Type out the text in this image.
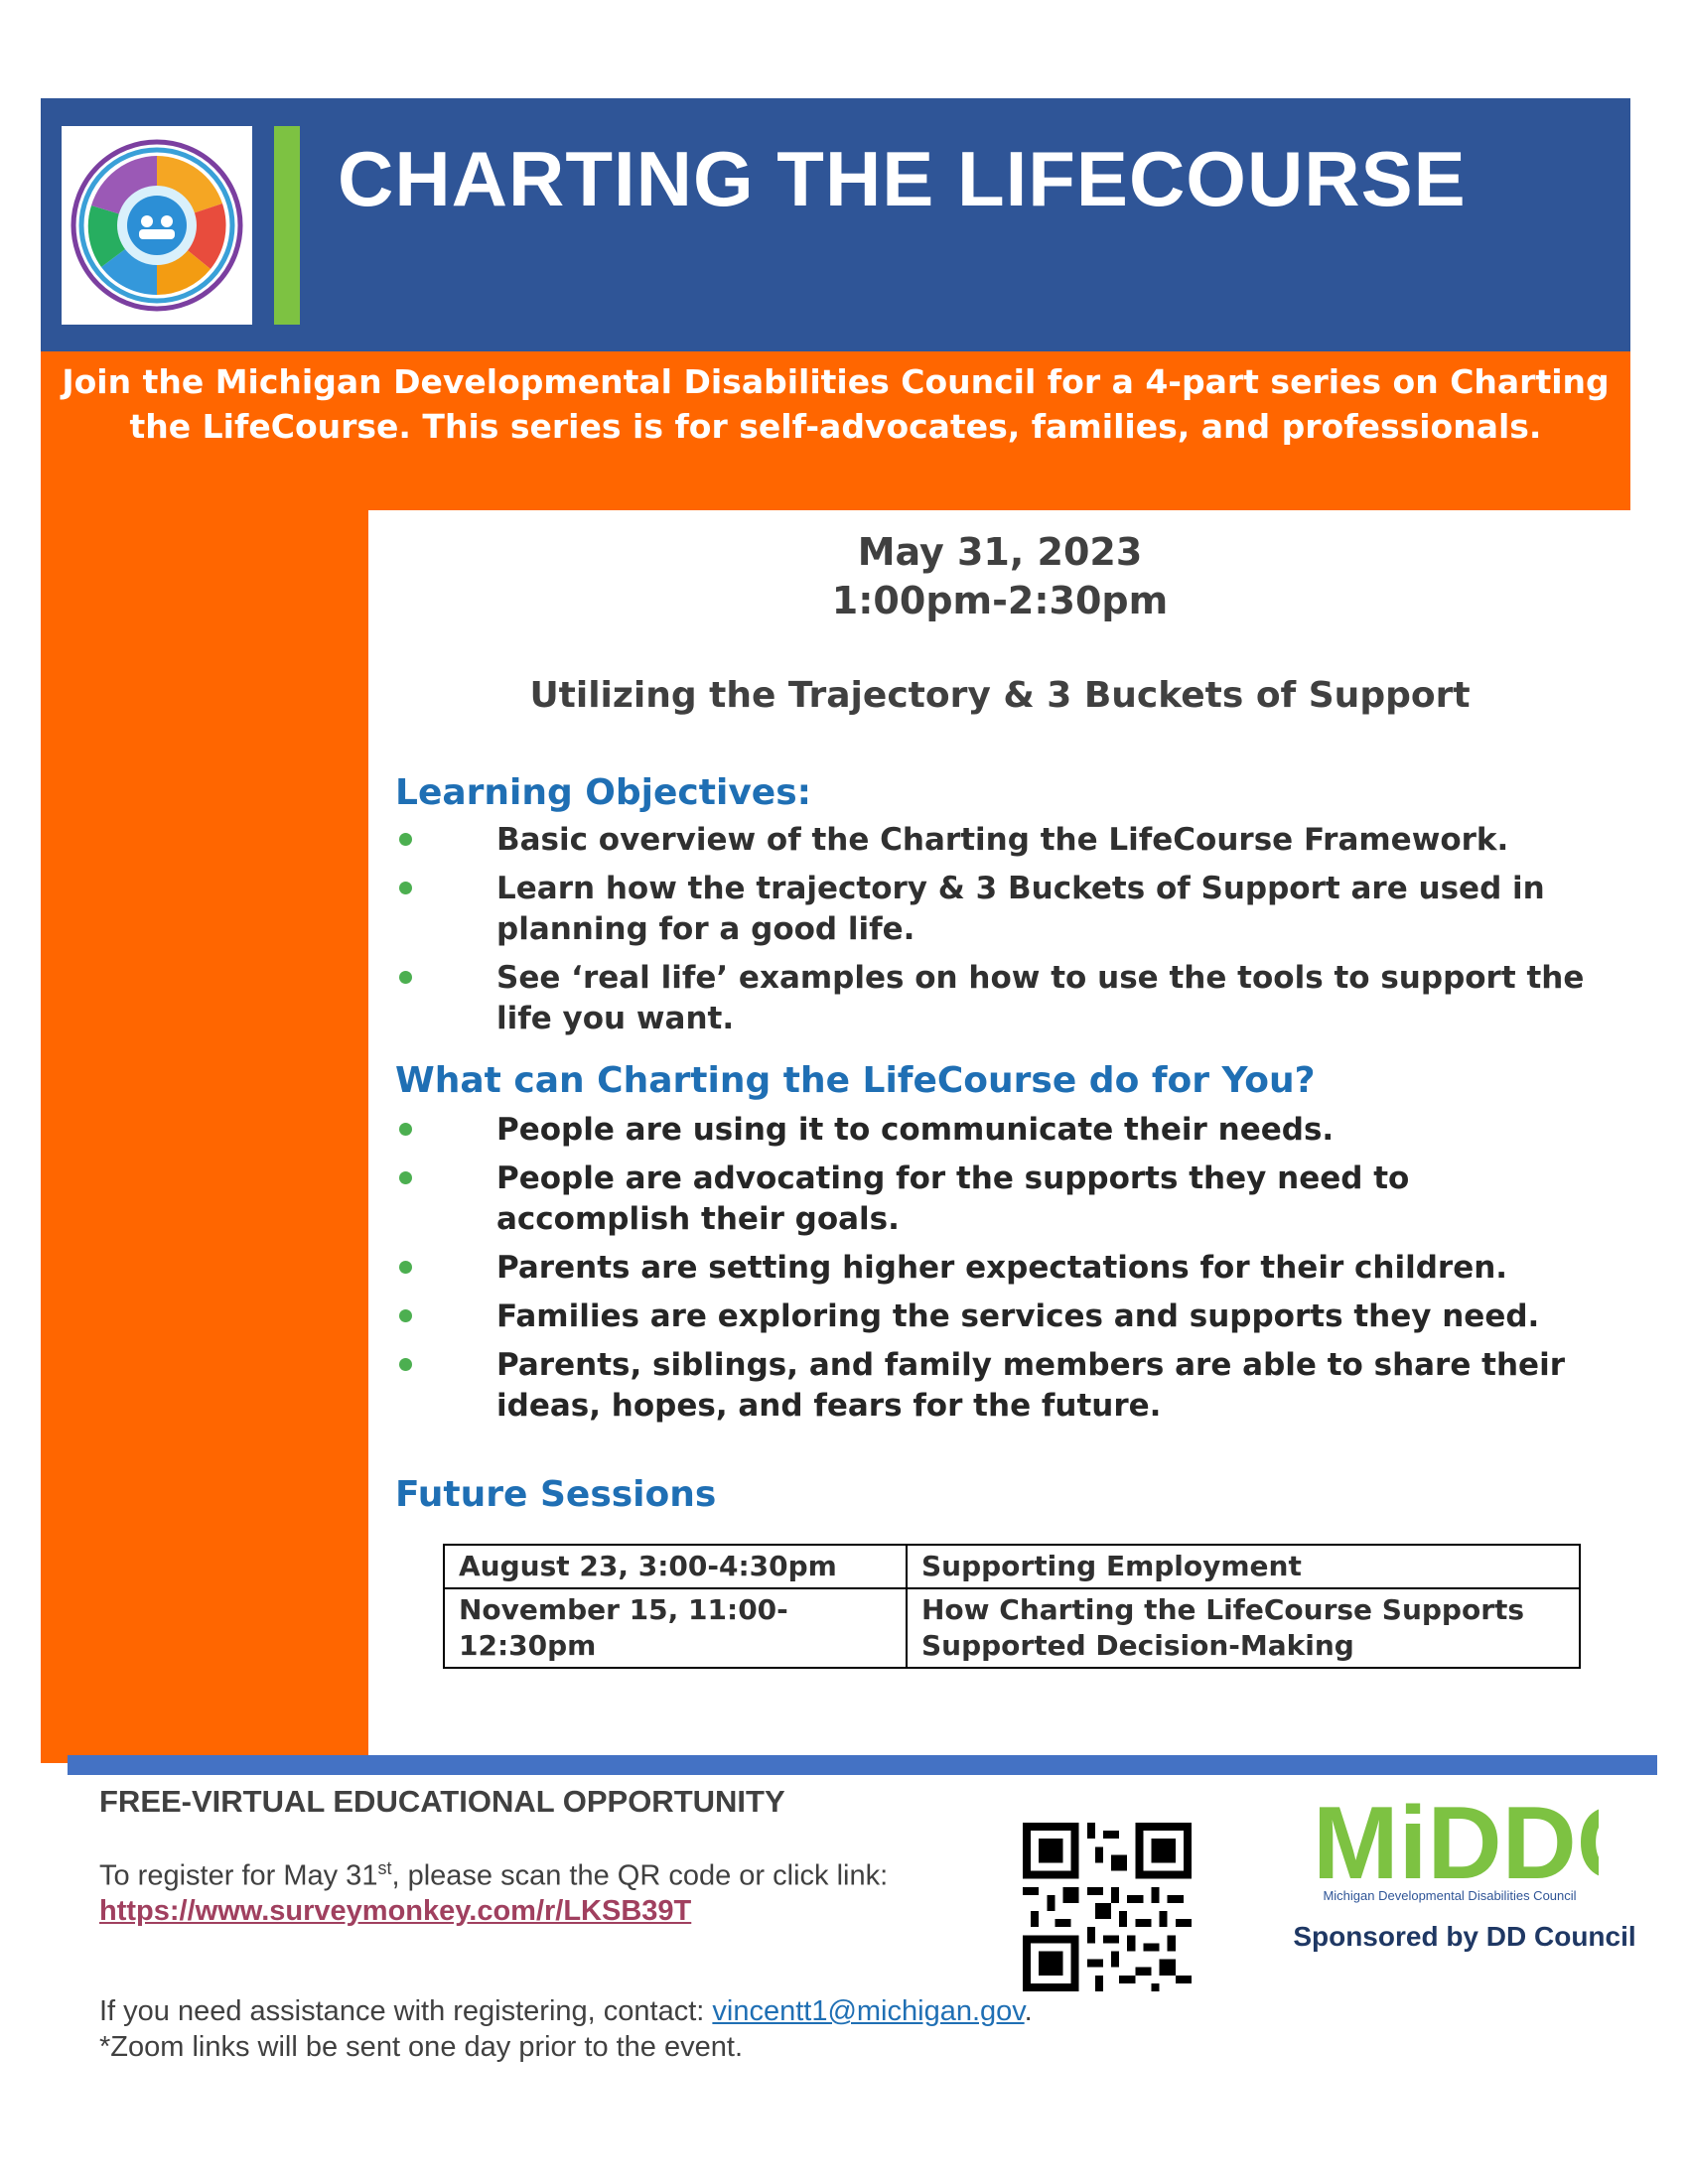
CHARTING THE LIFECOURSE
Join the Michigan Developmental Disabilities Council for a 4-part series on Charting the LifeCourse. This series is for self-advocates, families, and professionals.
May 31, 2023
1:00pm-2:30pm
Utilizing the Trajectory & 3 Buckets of Support
Learning Objectives:
Basic overview of the Charting the LifeCourse Framework.
Learn how the trajectory & 3 Buckets of Support are used in planning for a good life.
See ‘real life’ examples on how to use the tools to support the life you want.
What can Charting the LifeCourse do for You?
People are using it to communicate their needs.
People are advocating for the supports they need to accomplish their goals.
Parents are setting higher expectations for their children.
Families are exploring the services and supports they need.
Parents, siblings, and family members are able to share their ideas, hopes, and fears for the future.
Future Sessions
August 23, 3:00-4:30pm	Supporting Employment
November 15, 11:00-12:30pm	How Charting the LifeCourse Supports Supported Decision-Making
FREE-VIRTUAL EDUCATIONAL OPPORTUNITY
To register for May 31st, please scan the QR code or click link:
https://www.surveymonkey.com/r/LKSB39T
If you need assistance with registering, contact: vincentt1@michigan.gov.
*Zoom links will be sent one day prior to the event.
MiDD
Michigan Developmental Disabilities Council
Sponsored by DD Council
